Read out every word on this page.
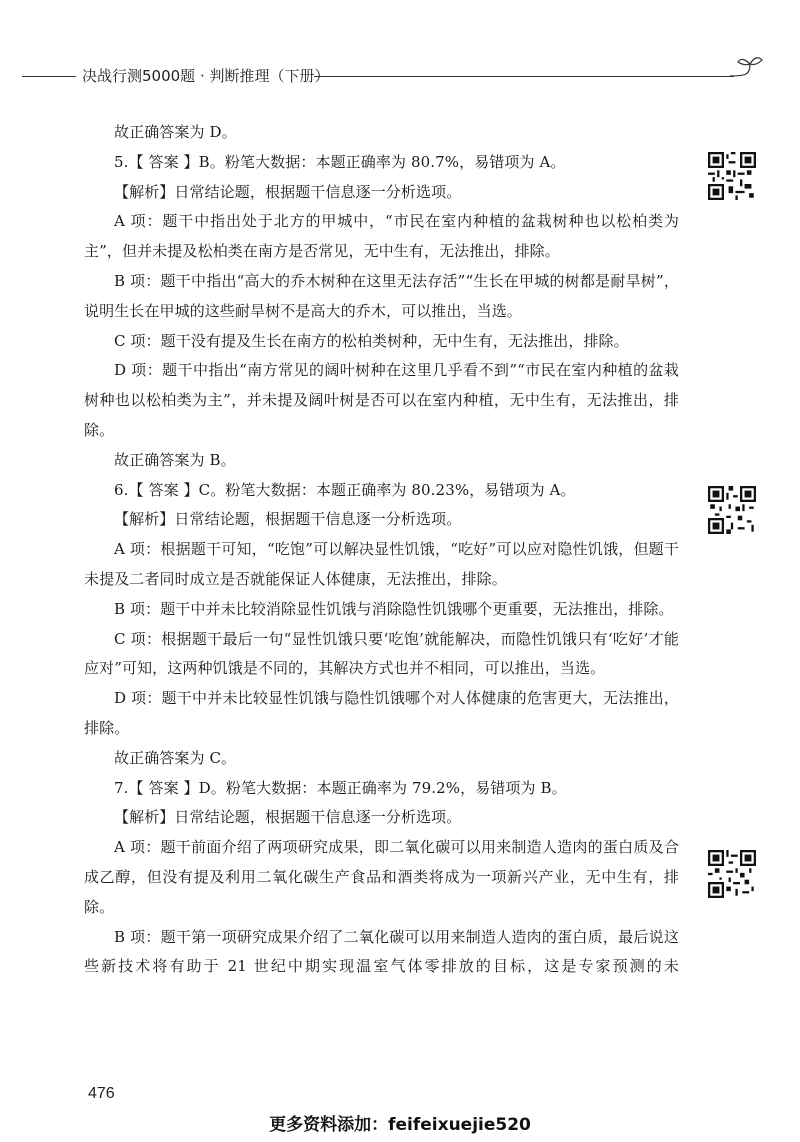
决战行测5000题 · 判断推理（下册）

故正确答案为 D。

5.【 答案 】B。粉笔大数据：本题正确率为 80.7%，易错项为 A。

【解析】日常结论题，根据题干信息逐一分析选项。

A 项：题干中指出处于北方的甲城中，“市民在室内种植的盆栽树种也以松柏类为主”，但并未提及松柏类在南方是否常见，无中生有，无法推出，排除。

B 项：题干中指出“高大的乔木树种在这里无法存活”“生长在甲城的树都是耐旱树”，说明生长在甲城的这些耐旱树不是高大的乔木，可以推出，当选。

C 项：题干没有提及生长在南方的松柏类树种，无中生有，无法推出，排除。

D 项：题干中指出“南方常见的阔叶树种在这里几乎看不到”“市民在室内种植的盆栽树种也以松柏类为主”，并未提及阔叶树是否可以在室内种植，无中生有，无法推出，排除。

故正确答案为 B。

6.【 答案 】C。粉笔大数据：本题正确率为 80.23%，易错项为 A。

【解析】日常结论题，根据题干信息逐一分析选项。

A 项：根据题干可知，“吃饱”可以解决显性饥饿，“吃好”可以应对隐性饥饿，但题干未提及二者同时成立是否就能保证人体健康，无法推出，排除。

B 项：题干中并未比较消除显性饥饿与消除隐性饥饿哪个更重要，无法推出，排除。

C 项：根据题干最后一句“显性饥饿只要‘吃饱’就能解决，而隐性饥饿只有‘吃好’才能应对”可知，这两种饥饿是不同的，其解决方式也并不相同，可以推出，当选。

D 项：题干中并未比较显性饥饿与隐性饥饿哪个对人体健康的危害更大，无法推出，排除。

故正确答案为 C。

7.【 答案 】D。粉笔大数据：本题正确率为 79.2%，易错项为 B。

【解析】日常结论题，根据题干信息逐一分析选项。

A 项：题干前面介绍了两项研究成果，即二氧化碳可以用来制造人造肉的蛋白质及合成乙醇，但没有提及利用二氧化碳生产食品和酒类将成为一项新兴产业，无中生有，排除。

B 项：题干第一项研究成果介绍了二氧化碳可以用来制造人造肉的蛋白质，最后说这些新技术将有助于 21 世纪中期实现温室气体零排放的目标，这是专家预测的未

476
更多资料添加：feifeixuejie520
